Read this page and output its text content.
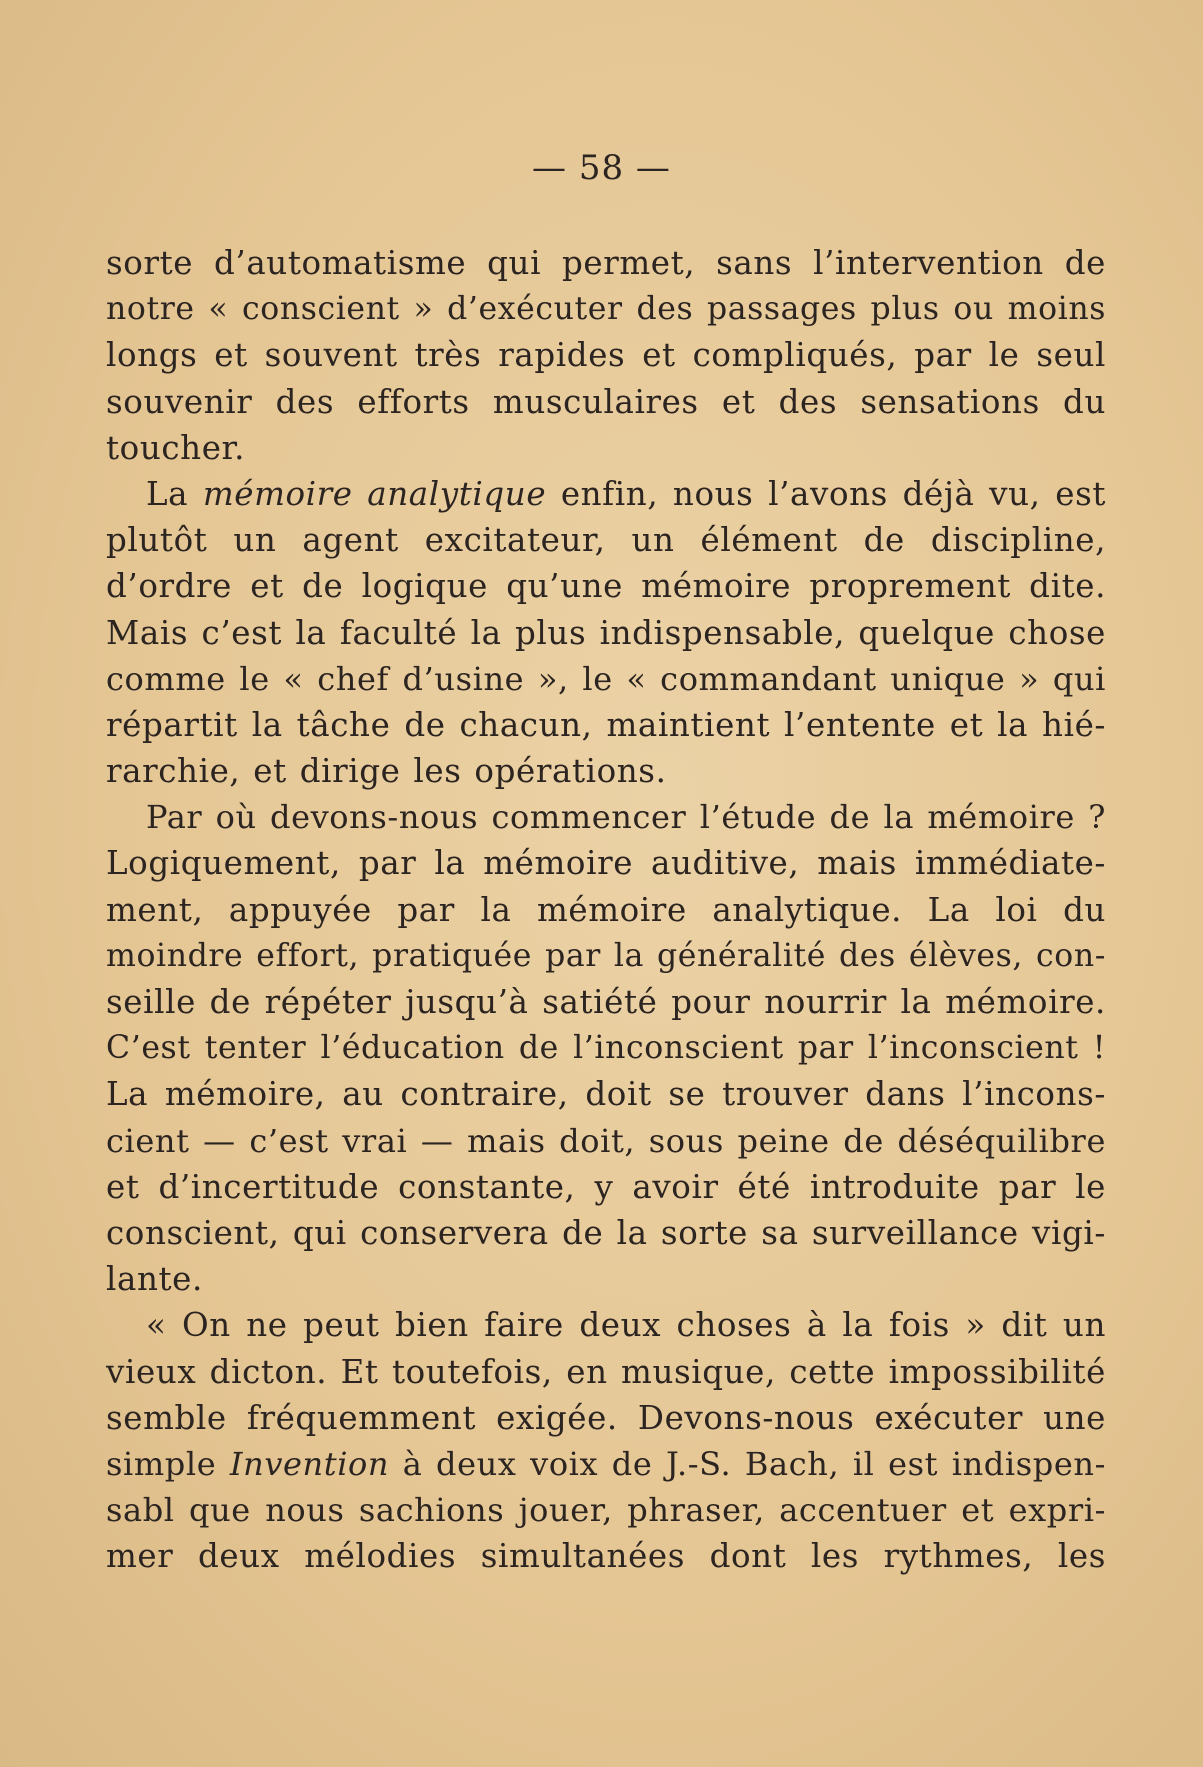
— 58 —
sorte d’automatisme qui permet, sans l’intervention de
notre « conscient » d’exécuter des passages plus ou moins
longs et souvent très rapides et compliqués, par le seul
souvenir des efforts musculaires et des sensations du
toucher.
La mémoire analytique enfin, nous l’avons déjà vu, est
plutôt un agent excitateur, un élément de discipline,
d’ordre et de logique qu’une mémoire proprement dite.
Mais c’est la faculté la plus indispensable, quelque chose
comme le « chef d’usine », le « commandant unique » qui
répartit la tâche de chacun, maintient l’entente et la hié-
rarchie, et dirige les opérations.
Par où devons-nous commencer l’étude de la mémoire ?
Logiquement, par la mémoire auditive, mais immédiate-
ment, appuyée par la mémoire analytique. La loi du
moindre effort, pratiquée par la généralité des élèves, con-
seille de répéter jusqu’à satiété pour nourrir la mémoire.
C’est tenter l’éducation de l’inconscient par l’inconscient !
La mémoire, au contraire, doit se trouver dans l’incons-
cient — c’est vrai — mais doit, sous peine de déséquilibre
et d’incertitude constante, y avoir été introduite par le
conscient, qui conservera de la sorte sa surveillance vigi-
lante.
« On ne peut bien faire deux choses à la fois » dit un
vieux dicton. Et toutefois, en musique, cette impossibilité
semble fréquemment exigée. Devons-nous exécuter une
simple Invention à deux voix de J.-S. Bach, il est indispen-
sabl que nous sachions jouer, phraser, accentuer et expri-
mer deux mélodies simultanées dont les rythmes, les
